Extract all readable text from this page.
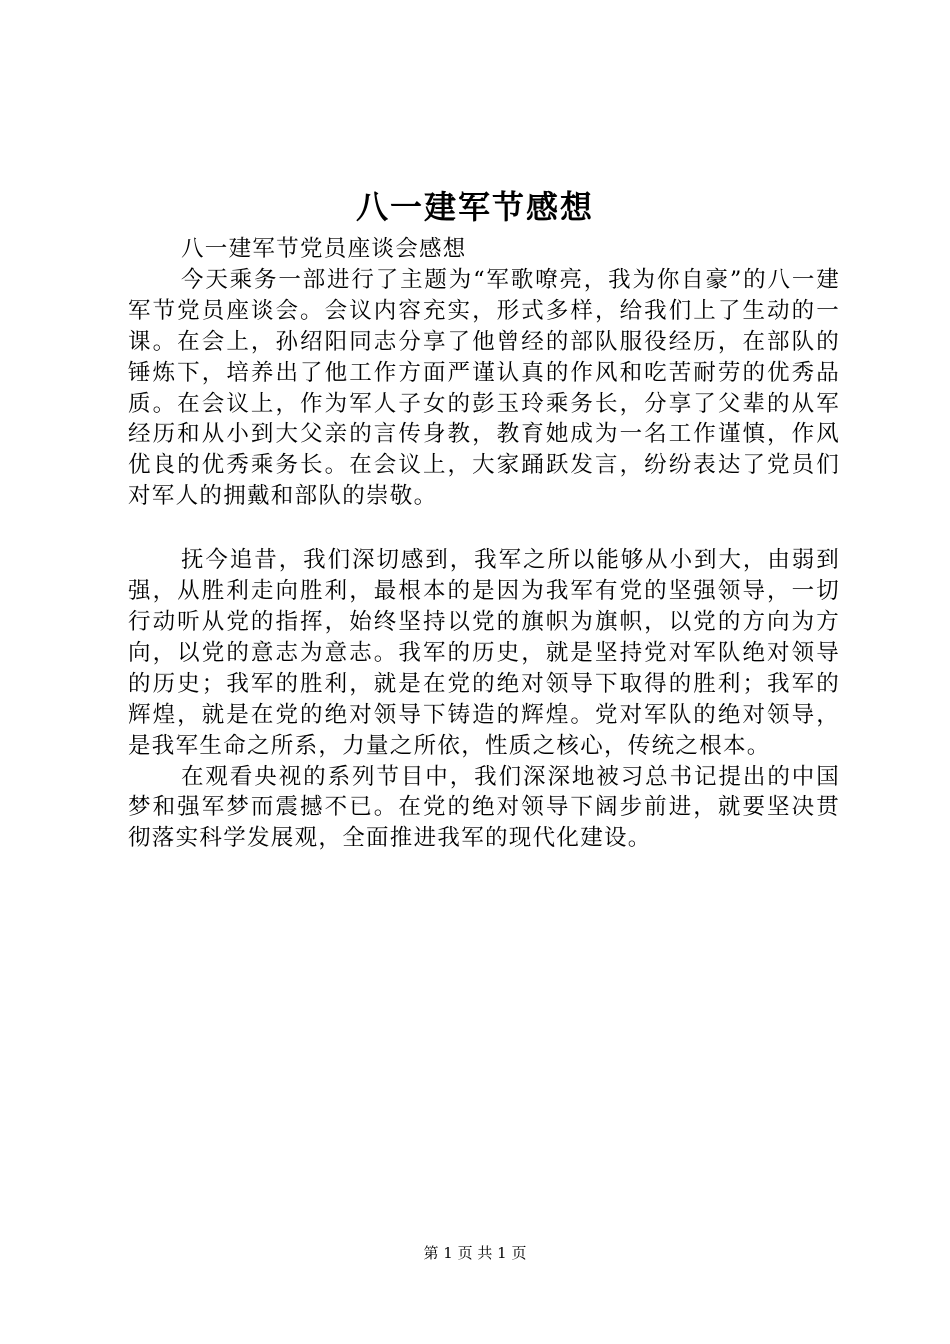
八一建军节感想

八一建军节党员座谈会感想

今天乘务一部进行了主题为“军歌嘹亮，我为你自豪”的八一建军节党员座谈会。会议内容充实，形式多样，给我们上了生动的一课。在会上，孙绍阳同志分享了他曾经的部队服役经历，在部队的锤炼下，培养出了他工作方面严谨认真的作风和吃苦耐劳的优秀品质。在会议上，作为军人子女的彭玉玲乘务长，分享了父辈的从军经历和从小到大父亲的言传身教，教育她成为一名工作谨慎，作风优良的优秀乘务长。在会议上，大家踊跃发言，纷纷表达了党员们对军人的拥戴和部队的崇敬。

抚今追昔，我们深切感到，我军之所以能够从小到大，由弱到强，从胜利走向胜利，最根本的是因为我军有党的坚强领导，一切行动听从党的指挥，始终坚持以党的旗帜为旗帜，以党的方向为方向，以党的意志为意志。我军的历史，就是坚持党对军队绝对领导的历史；我军的胜利，就是在党的绝对领导下取得的胜利；我军的辉煌，就是在党的绝对领导下铸造的辉煌。党对军队的绝对领导，是我军生命之所系，力量之所依，性质之核心，传统之根本。

在观看央视的系列节目中，我们深深地被习总书记提出的中国梦和强军梦而震撼不已。在党的绝对领导下阔步前进，就要坚决贯彻落实科学发展观，全面推进我军的现代化建设。

第 1 页 共 1 页
